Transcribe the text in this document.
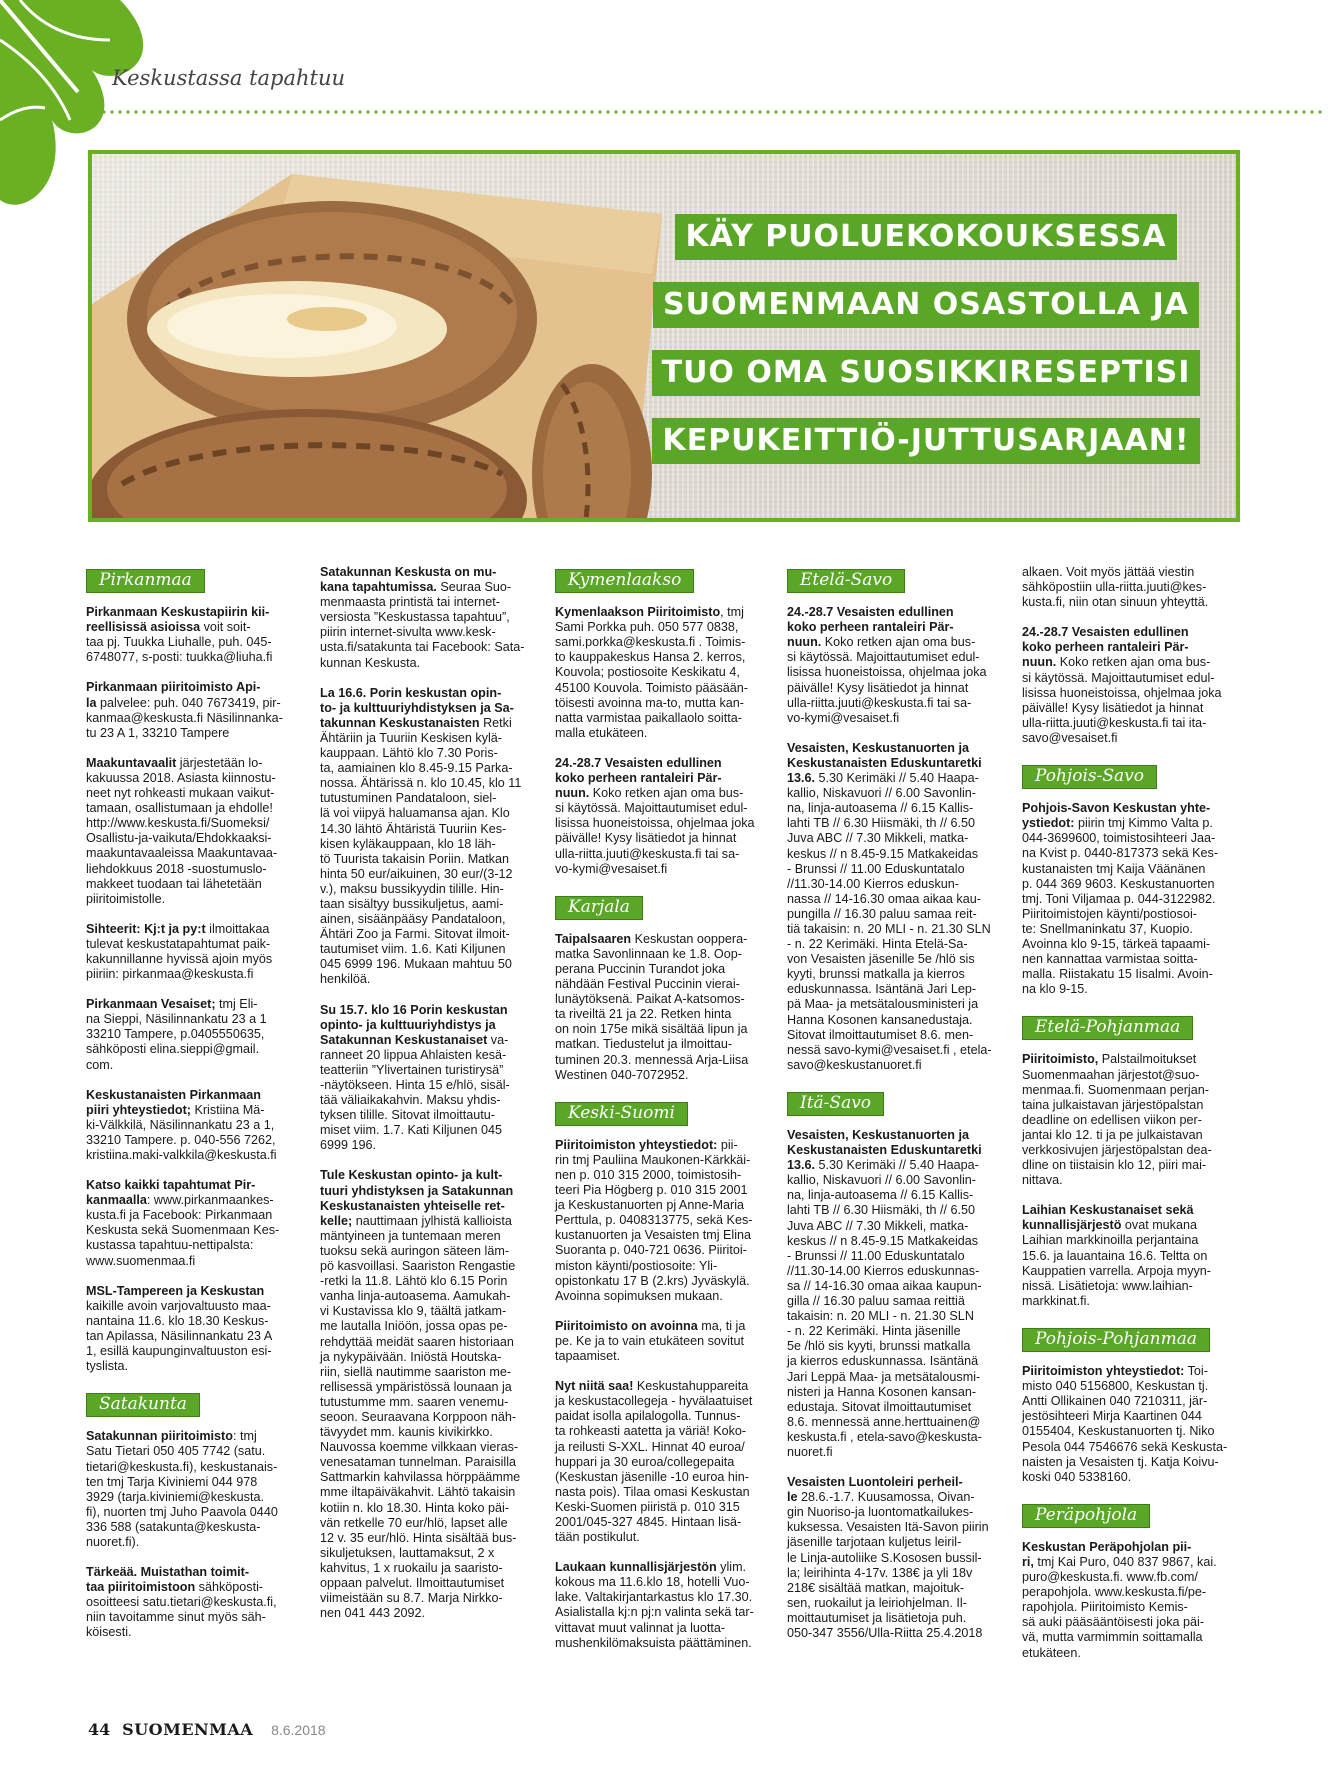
Keskustassa tapahtuu
KÄY PUOLUEKOKOUKSESSA
SUOMENMAAN OSASTOLLA JA
TUO OMA SUOSIKKIRESEPTISI
KEPUKEITTIÖ-JUTTUSARJAAN!
Pirkanmaa

Pirkanmaan Keskustapiirin kii-
reellisissä asioissa voit soit-
taa pj. Tuukka Liuhalle, puh. 045-
6748077, s-posti: tuukka@liuha.fi

Pirkanmaan piiritoimisto Api-
la palvelee: puh. 040 7673419, pir-
kanmaa@keskusta.fi Näsilinnanka-
tu 23 A 1, 33210 Tampere

Maakuntavaalit järjestetään lo-
kakuussa 2018. Asiasta kiinnostu-
neet nyt rohkeasti mukaan vaikut-
tamaan, osallistumaan ja ehdolle!
http://www.keskusta.fi/Suomeksi/
Osallistu-ja-vaikuta/Ehdokkaaksi-
maakuntavaaleissa Maakuntavaa-
liehdokkuus 2018 -suostumuslo-
makkeet tuodaan tai lähetetään
piiritoimistolle.

Sihteerit: Kj:t ja py:t ilmoittakaa
tulevat keskustatapahtumat paik-
kakunnillanne hyvissä ajoin myös
piiriin: pirkanmaa@keskusta.fi

Pirkanmaan Vesaiset; tmj Eli-
na Sieppi, Näsilinnankatu 23 a 1
33210 Tampere, p.0405550635,
sähköposti elina.sieppi@gmail.
com.

Keskustanaisten Pirkanmaan
piiri yhteystiedot; Kristiina Mä-
ki-Välkkilä, Näsilinnankatu 23 a 1,
33210 Tampere. p. 040-556 7262,
kristiina.maki-valkkila@keskusta.fi

Katso kaikki tapahtumat Pir-
kanmaalla: www.pirkanmaankes-
kusta.fi ja Facebook: Pirkanmaan
Keskusta sekä Suomenmaan Kes-
kustassa tapahtuu-nettipalsta:
www.suomenmaa.fi

MSL-Tampereen ja Keskustan
kaikille avoin varjovaltuusto maa-
nantaina 11.6. klo 18.30 Keskus-
tan Apilassa, Näsilinnankatu 23 A
1, esillä kaupunginvaltuuston esi-
tyslista.

Satakunta

Satakunnan piiritoimisto: tmj
Satu Tietari 050 405 7742 (satu.
tietari@keskusta.fi), keskustanais-
ten tmj Tarja Kiviniemi 044 978
3929 (tarja.kiviniemi@keskusta.
fi), nuorten tmj Juho Paavola 0440
336 588 (satakunta@keskusta-
nuoret.fi).

Tärkeää. Muistathan toimit-
taa piiritoimistoon sähköposti-
osoitteesi satu.tietari@keskusta.fi,
niin tavoitamme sinut myös säh-
köisesti.

Satakunnan Keskusta on mu-
kana tapahtumissa. Seuraa Suo-
menmaasta printistä tai internet-
versiosta ”Keskustassa tapahtuu”,
piirin internet-sivulta www.kesk-
usta.fi/satakunta tai Facebook: Sata-
kunnan Keskusta.

La 16.6. Porin keskustan opin-
to- ja kulttuuriyhdistyksen ja Sa-
takunnan Keskustanaisten Retki
Ähtäriin ja Tuuriin Keskisen kylä-
kauppaan. Lähtö klo 7.30 Poris-
ta, aamiainen klo 8.45-9.15 Parka-
nossa. Ähtärissä n. klo 10.45, klo 11
tutustuminen Pandataloon, siel-
lä voi viipyä haluamansa ajan. Klo
14.30 lähtö Ähtäristä Tuuriin Kes-
kisen kyläkauppaan, klo 18 läh-
tö Tuurista takaisin Poriin. Matkan
hinta 50 eur/aikuinen, 30 eur/(3-12
v.), maksu bussikyydin tilille. Hin-
taan sisältyy bussikuljetus, aami-
ainen, sisäänpääsy Pandataloon,
Ähtäri Zoo ja Farmi. Sitovat ilmoit-
tautumiset viim. 1.6. Kati Kiljunen
045 6999 196. Mukaan mahtuu 50
henkilöä.

Su 15.7. klo 16 Porin keskustan
opinto- ja kulttuuriyhdistys ja
Satakunnan Keskustanaiset va-
ranneet 20 lippua Ahlaisten kesä-
teatteriin ”Ylivertainen turistirysä”
-näytökseen. Hinta 15 e/hlö, sisäl-
tää väliaikakahvin. Maksu yhdis-
tyksen tilille. Sitovat ilmoittautu-
miset viim. 1.7. Kati Kiljunen 045
6999 196.

Tule Keskustan opinto- ja kult-
tuuri yhdistyksen ja Satakunnan
Keskustanaisten yhteiselle ret-
kelle; nauttimaan jylhistä kallioista
mäntyineen ja tuntemaan meren
tuoksu sekä auringon säteen läm-
pö kasvoillasi. Saariston Rengastie
-retki la 11.8. Lähtö klo 6.15 Porin
vanha linja-autoasema. Aamukah-
vi Kustavissa klo 9, täältä jatkam-
me lautalla Iniöön, jossa opas pe-
rehdyttää meidät saaren historiaan
ja nykypäivään. Iniöstä Houtska-
riin, siellä nautimme saariston me-
rellisessä ympäristössä lounaan ja
tutustumme mm. saaren venemu-
seoon. Seuraavana Korppoon näh-
tävyydet mm. kaunis kivikirkko.
Nauvossa koemme vilkkaan vieras-
venesataman tunnelman. Paraisilla
Sattmarkin kahvilassa hörppäämme
mme iltapäiväkahvit. Lähtö takaisin
kotiin n. klo 18.30. Hinta koko päi-
vän retkelle 70 eur/hlö, lapset alle
12 v. 35 eur/hlö. Hinta sisältää bus-
sikuljetuksen, lauttamaksut, 2 x
kahvitus, 1 x ruokailu ja saaristo-
oppaan palvelut. Ilmoittautumiset
viimeistään su 8.7. Marja Nirkko-
nen 041 443 2092.

Kymenlaakso

Kymenlaakson Piiritoimisto, tmj
Sami Porkka puh. 050 577 0838,
sami.porkka@keskusta.fi . Toimis-
to kauppakeskus Hansa 2. kerros,
Kouvola; postiosoite Keskikatu 4,
45100 Kouvola. Toimisto pääsään-
töisesti avoinna ma-to, mutta kan-
natta varmistaa paikallaolo soitta-
malla etukäteen.

24.-28.7 Vesaisten edullinen
koko perheen rantaleiri Pär-
nuun. Koko retken ajan oma bus-
si käytössä. Majoittautumiset edul-
lisissa huoneistoissa, ohjelmaa joka
päivälle! Kysy lisätiedot ja hinnat
ulla-riitta.juuti@keskusta.fi tai sa-
vo-kymi@vesaiset.fi

Karjala

Taipalsaaren Keskustan ooppera-
matka Savonlinnaan ke 1.8. Oop-
perana Puccinin Turandot joka
nähdään Festival Puccinin vierai-
lunäytöksenä. Paikat A-katsomos-
ta riveiltä 21 ja 22. Retken hinta
on noin 175e mikä sisältää lipun ja
matkan. Tiedustelut ja ilmoittau-
tuminen 20.3. mennessä Arja-Liisa
Westinen 040-7072952.

Keski-Suomi

Piiritoimiston yhteystiedot: pii-
rin tmj Pauliina Maukonen-Kärkkäi-
nen p. 010 315 2000, toimistosih-
teeri Pia Högberg p. 010 315 2001
ja Keskustanuorten pj Anne-Maria
Perttula, p. 0408313775, sekä Kes-
kustanuorten ja Vesaisten tmj Elina
Suoranta p. 040-721 0636. Piiritoi-
miston käynti/postiosoite: Yli-
opistonkatu 17 B (2.krs) Jyväskylä.
Avoinna sopimuksen mukaan.

Piiritoimisto on avoinna ma, ti ja
pe. Ke ja to vain etukäteen sovitut
tapaamiset.

Nyt niitä saa! Keskustahuppareita
ja keskustacollegeja - hyvälaatuiset
paidat isolla apilalogolla. Tunnus-
ta rohkeasti aatetta ja väriä! Koko-
ja reilusti S-XXL. Hinnat 40 euroa/
huppari ja 30 euroa/collegepaita
(Keskustan jäsenille -10 euroa hin-
nasta pois). Tilaa omasi Keskustan
Keski-Suomen piiristä p. 010 315
2001/045-327 4845. Hintaan lisä-
tään postikulut.

Laukaan kunnallisjärjestön ylim.
kokous ma 11.6.klo 18, hotelli Vuo-
lake. Valtakirjantarkastus klo 17.30.
Asialistalla kj:n pj:n valinta sekä tar-
vittavat muut valinnat ja luotta-
mushenkilömaksuista päättäminen.

Etelä-Savo

24.-28.7 Vesaisten edullinen
koko perheen rantaleiri Pär-
nuun. Koko retken ajan oma bus-
si käytössä. Majoittautumiset edul-
lisissa huoneistoissa, ohjelmaa joka
päivälle! Kysy lisätiedot ja hinnat
ulla-riitta.juuti@keskusta.fi tai sa-
vo-kymi@vesaiset.fi

Vesaisten, Keskustanuorten ja
Keskustanaisten Eduskuntaretki
13.6. 5.30 Kerimäki // 5.40 Haapa-
kallio, Niskavuori // 6.00 Savonlin-
na, linja-autoasema // 6.15 Kallis-
lahti TB // 6.30 Hiismäki, th // 6.50
Juva ABC // 7.30 Mikkeli, matka-
keskus // n 8.45-9.15 Matkakeidas
- Brunssi // 11.00 Eduskuntatalo
//11.30-14.00 Kierros eduskun-
nassa // 14-16.30 omaa aikaa kau-
pungilla // 16.30 paluu samaa reit-
tiä takaisin: n. 20 MLI - n. 21.30 SLN
- n. 22 Kerimäki. Hinta Etelä-Sa-
von Vesaisten jäsenille 5e /hlö sis
kyyti, brunssi matkalla ja kierros
eduskunnassa. Isäntänä Jari Lep-
pä Maa- ja metsätalousministeri ja
Hanna Kosonen kansanedustaja.
Sitovat ilmoittautumiset 8.6. men-
nessä savo-kymi@vesaiset.fi , etela-
savo@keskustanuoret.fi

Itä-Savo

Vesaisten, Keskustanuorten ja
Keskustanaisten Eduskuntaretki
13.6. 5.30 Kerimäki // 5.40 Haapa-
kallio, Niskavuori // 6.00 Savonlin-
na, linja-autoasema // 6.15 Kallis-
lahti TB // 6.30 Hiismäki, th // 6.50
Juva ABC // 7.30 Mikkeli, matka-
keskus // n 8.45-9.15 Matkakeidas
- Brunssi // 11.00 Eduskuntatalo
//11.30-14.00 Kierros eduskunnas-
sa // 14-16.30 omaa aikaa kaupun-
gilla // 16.30 paluu samaa reittiä
takaisin: n. 20 MLI - n. 21.30 SLN
- n. 22 Kerimäki. Hinta jäsenille
5e /hlö sis kyyti, brunssi matkalla
ja kierros eduskunnassa. Isäntänä
Jari Leppä Maa- ja metsätalousmi-
nisteri ja Hanna Kosonen kansan-
edustaja. Sitovat ilmoittautumiset
8.6. mennessä anne.herttuainen@
keskusta.fi , etela-savo@keskusta-
nuoret.fi

Vesaisten Luontoleiri perheil-
le 28.6.-1.7. Kuusamossa, Oivan-
gin Nuoriso-ja luontomatkailukes-
kuksessa. Vesaisten Itä-Savon piirin
jäsenille tarjotaan kuljetus leiril-
le Linja-autoliike S.Kososen bussil-
la; leirihinta 4-17v. 138€ ja yli 18v
218€ sisältää matkan, majoituk-
sen, ruokailut ja leiriohjelman. Il-
moittautumiset ja lisätietoja puh.
050-347 3556/Ulla-Riitta 25.4.2018

alkaen. Voit myös jättää viestin
sähköpostiin ulla-riitta.juuti@kes-
kusta.fi, niin otan sinuun yhteyttä.

24.-28.7 Vesaisten edullinen
koko perheen rantaleiri Pär-
nuun. Koko retken ajan oma bus-
si käytössä. Majoittautumiset edul-
lisissa huoneistoissa, ohjelmaa joka
päivälle! Kysy lisätiedot ja hinnat
ulla-riitta.juuti@keskusta.fi tai ita-
savo@vesaiset.fi

Pohjois-Savo

Pohjois-Savon Keskustan yhte-
ystiedot: piirin tmj Kimmo Valta p.
044-3699600, toimistosihteeri Jaa-
na Kvist p. 0440-817373 sekä Kes-
kustanaisten tmj Kaija Väänänen
p. 044 369 9603. Keskustanuorten
tmj. Toni Viljamaa p. 044-3122982.
Piiritoimistojen käynti/postiosoi-
te: Snellmaninkatu 37, Kuopio.
Avoinna klo 9-15, tärkeä tapaami-
nen kannattaa varmistaa soitta-
malla. Riistakatu 15 Iisalmi. Avoin-
na klo 9-15.

Etelä-Pohjanmaa

Piiritoimisto, Palstailmoitukset
Suomenmaahan järjestot@suo-
menmaa.fi. Suomenmaan perjan-
taina julkaistavan järjestöpalstan
deadline on edellisen viikon per-
jantai klo 12. ti ja pe julkaistavan
verkkosivujen järjestöpalstan dea-
dline on tiistaisin klo 12, piiri mai-
nittava.

Laihian Keskustanaiset sekä
kunnallisjärjestö ovat mukana
Laihian markkinoilla perjantaina
15.6. ja lauantaina 16.6. Teltta on
Kauppatien varrella. Arpoja myyn-
nissä. Lisätietoja: www.laihian-
markkinat.fi.

Pohjois-Pohjanmaa

Piiritoimiston yhteystiedot: Toi-
misto 040 5156800, Keskustan tj.
Antti Ollikainen 040 7210311, jär-
jestösihteeri Mirja Kaartinen 044
0155404, Keskustanuorten tj. Niko
Pesola 044 7546676 sekä Keskusta-
naisten ja Vesaisten tj. Katja Koivu-
koski 040 5338160.

Peräpohjola

Keskustan Peräpohjolan pii-
ri, tmj Kai Puro, 040 837 9867, kai.
puro@keskusta.fi. www.fb.com/
perapohjola. www.keskusta.fi/pe-
rapohjola. Piiritoimisto Kemis-
sä auki pääsääntöisesti joka päi-
vä, mutta varmimmin soittamalla
etukäteen.

44 SUOMENMAA 8.6.2018
